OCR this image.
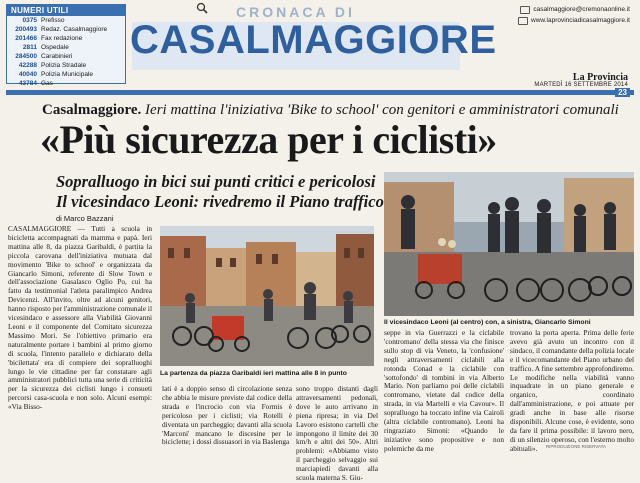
NUMERI UTILI
0375 Prefisso
200493 Redaz. Casalmaggiore
201466 Fax redazione
2811 Ospedale
284500 Carabinieri
42288 Polizia Stradale
40040 Polizia Municipale
43784 Gas
CRONACA DI
CASALMAGGIORE
casalmaggiore@cremonaonline.it
www.laprovinciadicasalmaggiore.it
La Provincia
MARTEDÌ 16 SETTEMBRE 2014
23
Casalmaggiore. Ieri mattina l'iniziativa 'Bike to school' con genitori e amministratori comunali
«Più sicurezza per i ciclisti»
Sopralluogo in bici sui punti critici e pericolosi
Il vicesindaco Leoni: rivedremo il Piano traffico
di Marco Bazzani
CASALMAGGIORE — Tutti a scuola in bicicletta accompagnati da mamma e papà. Ieri mattina alle 8, da piazza Garibaldi, è partita la piccola carovana dell'iniziativa mutuata dal movimento 'Bike to school' e organizzata da Giancarlo Simoni, referente di Slow Town e dell'associazione Gasalasco Oglio Po, cui ha fatto da testimonial l'atleta paralimpico Andrea Devicenzi. All'invito, oltre ad alcuni genitori, hanno risposto per l'amministrazione comunale il vicesindaco e assessore alla Viabilità Giovanni Leoni e il componente del Comitato sicurezza Massimo Mori. Se l'obiettivo primario era naturalmente portare i bambini al primo giorno di scuola, l'intento parallelo e dichiarato della 'bicilettata' era di compiere dei sopralluoghi lungo le vie cittadine per far constatare agli amministratori pubblici tutta una serie di criticità per la sicurezza dei ciclisti lungo i consueti percorsi casa-scuola e non solo. Alcuni esempi: «Via Bisso-
lati è a doppio senso di circolazione senza che abbia le misure previste dal codice della strada e l'incrocio con via Formis è pericoloso per i ciclisti; via Rotelli è diventata un parcheggio; davanti alla scuola 'Marconi' mancano le discesine per le biciclette; i dossi dissuasori in via Baslenga
sono troppo distanti dagli attraversamenti pedonali, dove le auto arrivano in piena ripresa; in via Del Lavoro esistono cartelli che impongono il limite dei 30 km/h e altri dei 50». Altri problemi: «Abbiamo visto il parcheggio selvaggio sui marciapiedi davanti alla scuola materna S. Giu-
seppe in via Guerrazzi e la ciclabile 'contromano' della stessa via che finisce sullo stop di via Veneto, la 'confusione' negli attraversamenti ciclabili alla rotonda Conad e la ciclabile con 'sottofondo' di tombini in via Alberto Mario. Non parliamo poi delle ciclabili contromano, vietate dal codice della strada, in via Martelli e via Cavour». Il sopralluogo ha toccato infine via Cairoli (altra ciclabile contromano). Leoni ha ringraziato Simoni: «Quando le iniziative sono propositive e non polemiche da me
trovano la porta aperta. Prima delle ferie avevo già avuto un incontro con il sindaco, il comandante della polizia locale e il vicecomandante del Piano urbano del traffico. A fine settembre approfondiremo. Le modifiche nella viabilità vanno inquadrate in un piano generale e organico, coordinato dall'amministrazione, e poi attuate per gradi anche in base alle risorse disponibili. Alcune cose, è evidente, sono da fare il prima possibile: il lavoro nero, di un silenzio operoso, con l'esterno molto abituali».
La partenza da piazza Garibaldi ieri mattina alle 8 in punto
Il vicesindaco Leoni (al centro) con, a sinistra, Giancarlo Simoni
RIPRODUZIONE RISERVATA
